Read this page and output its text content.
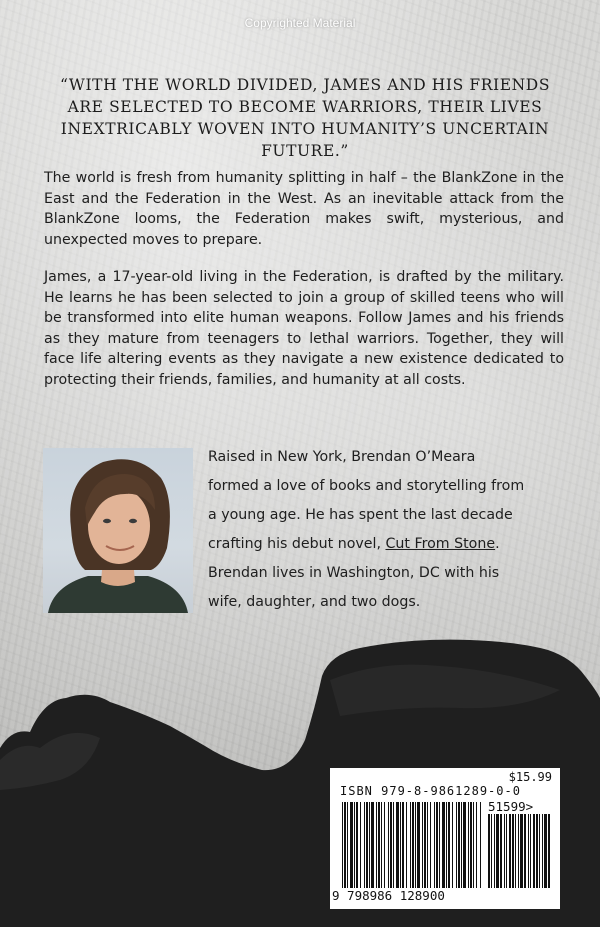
Copyrighted Material

“WITH THE WORLD DIVIDED, JAMES AND HIS FRIENDS ARE SELECTED TO BECOME WARRIORS, THEIR LIVES INEXTRICABLY WOVEN INTO HUMANITY’S UNCERTAIN FUTURE.”

The world is fresh from humanity splitting in half – the BlankZone in the East and the Federation in the West. As an inevitable attack from the BlankZone looms, the Federation makes swift, mysterious, and unexpected moves to prepare.

James, a 17-year-old living in the Federation, is drafted by the military. He learns he has been selected to join a group of skilled teens who will be transformed into elite human weapons. Follow James and his friends as they mature from teenagers to lethal warriors. Together, they will face life altering events as they navigate a new existence dedicated to protecting their friends, families, and humanity at all costs.

Raised in New York, Brendan O’Meara formed a love of books and storytelling from a young age. He has spent the last decade crafting his debut novel, Cut From Stone. Brendan lives in Washington, DC with his wife, daughter, and two dogs.

$15.99
ISBN 979-8-9861289-0-0
51599>
9 798986 128900
